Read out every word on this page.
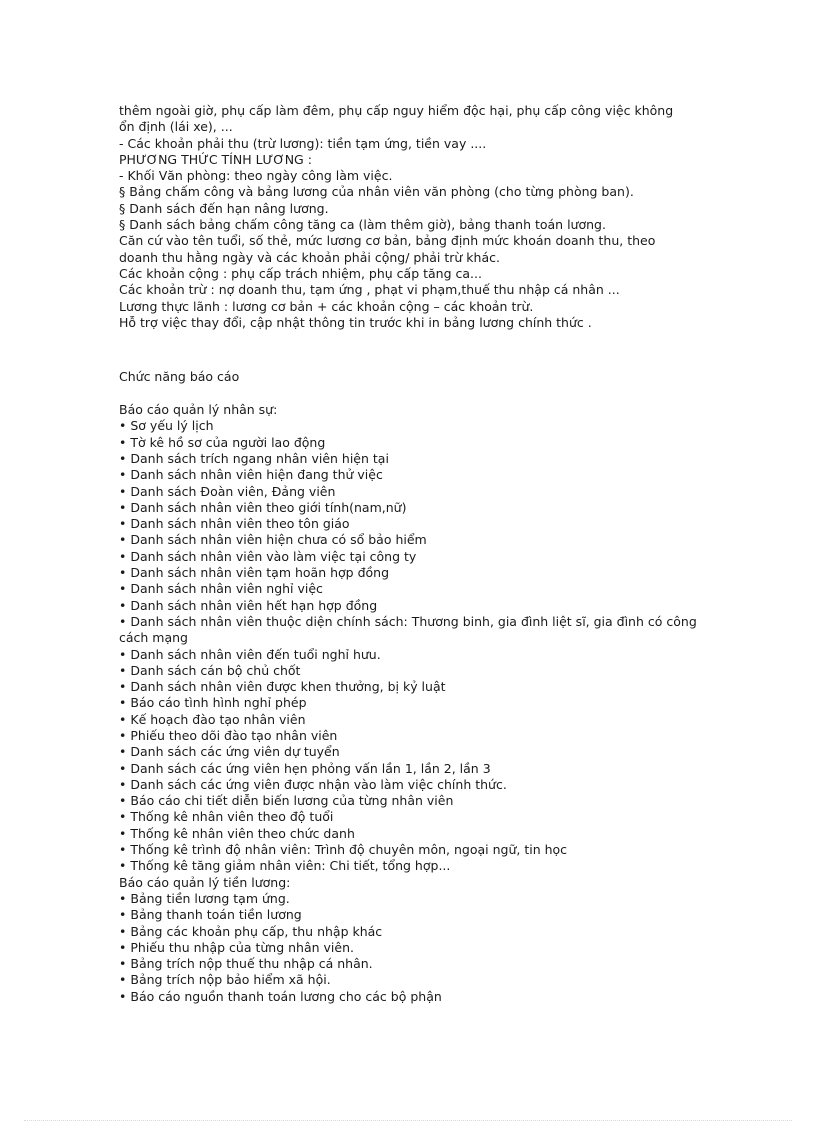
thêm ngoài giờ, phụ cấp làm đêm, phụ cấp nguy hiểm độc hại, phụ cấp công việc không
ổn định (lái xe), ...
- Các khoản phải thu (trừ lương): tiền tạm ứng, tiền vay ....
PHƯƠNG THỨC TÍNH LƯƠNG :
- Khối Văn phòng: theo ngày công làm việc.
§ Bảng chấm công và bảng lương của nhân viên văn phòng (cho từng phòng ban).
§ Danh sách đến hạn nâng lương.
§ Danh sách bảng chấm công tăng ca (làm thêm giờ), bảng thanh toán lương.
Căn cứ vào tên tuổi, số thẻ, mức lương cơ bản, bảng định mức khoán doanh thu, theo
doanh thu hằng ngày và các khoản phải cộng/ phải trừ khác.
Các khoản cộng : phụ cấp trách nhiệm, phụ cấp tăng ca...
Các khoản trừ : nợ doanh thu, tạm ứng , phạt vi phạm,thuế thu nhập cá nhân ...
Lương thực lãnh : lương cơ bản + các khoản cộng – các khoản trừ.
Hỗ trợ việc thay đổi, cập nhật thông tin trước khi in bảng lương chính thức .
Chức năng báo cáo
Báo cáo quản lý nhân sự:
• Sơ yếu lý lịch
• Tờ kê hồ sơ của người lao động
• Danh sách trích ngang nhân viên hiện tại
• Danh sách nhân viên hiện đang thử việc
• Danh sách Đoàn viên, Đảng viên
• Danh sách nhân viên theo giới tính(nam,nữ)
• Danh sách nhân viên theo tôn giáo
• Danh sách nhân viên hiện chưa có sổ bảo hiểm
• Danh sách nhân viên vào làm việc tại công ty
• Danh sách nhân viên tạm hoãn hợp đồng
• Danh sách nhân viên nghỉ việc
• Danh sách nhân viên hết hạn hợp đồng
• Danh sách nhân viên thuộc diện chính sách: Thương binh, gia đình liệt sĩ, gia đình có công cách mạng
• Danh sách nhân viên đến tuổi nghỉ hưu.
• Danh sách cán bộ chủ chốt
• Danh sách nhân viên được khen thưởng, bị kỷ luật
• Báo cáo tình hình nghỉ phép
• Kế hoạch đào tạo nhân viên
• Phiếu theo dõi đào tạo nhân viên
• Danh sách các ứng viên dự tuyển
• Danh sách các ứng viên hẹn phỏng vấn lần 1, lần 2, lần 3
• Danh sách các ứng viên được nhận vào làm việc chính thức.
• Báo cáo chi tiết diễn biến lương của từng nhân viên
• Thống kê nhân viên theo độ tuổi
• Thống kê nhân viên theo chức danh
• Thống kê trình độ nhân viên: Trình độ chuyên môn, ngoại ngữ, tin học
• Thống kê tăng giảm nhân viên: Chi tiết, tổng hợp...
Báo cáo quản lý tiền lương:
• Bảng tiền lương tạm ứng.
• Bảng thanh toán tiền lương
• Bảng các khoản phụ cấp, thu nhập khác
• Phiếu thu nhập của từng nhân viên.
• Bảng trích nộp thuế thu nhập cá nhân.
• Bảng trích nộp bảo hiểm xã hội.
• Báo cáo nguồn thanh toán lương cho các bộ phận
